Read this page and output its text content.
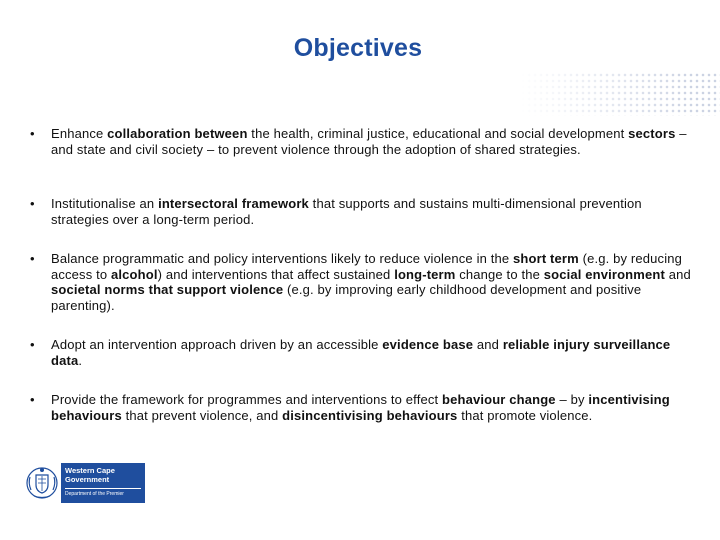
Objectives
•	Enhance collaboration between the health, criminal justice, educational and social development sectors – and state and civil society – to prevent violence through the adoption of shared strategies.
•	Institutionalise an intersectoral framework that supports and sustains multi-dimensional prevention strategies over a long-term period.
•	Balance programmatic and policy interventions likely to reduce violence in the short term (e.g. by reducing access to alcohol) and interventions that affect sustained long-term change to the social environment and societal norms that support violence (e.g. by improving early childhood development and positive parenting).
•	Adopt an intervention approach driven by an accessible evidence base and reliable injury surveillance data.
•	Provide the framework for programmes and interventions to effect behaviour change – by incentivising behaviours that prevent violence, and disincentivising behaviours that promote violence.
Western Cape
Government
Department of the Premier
